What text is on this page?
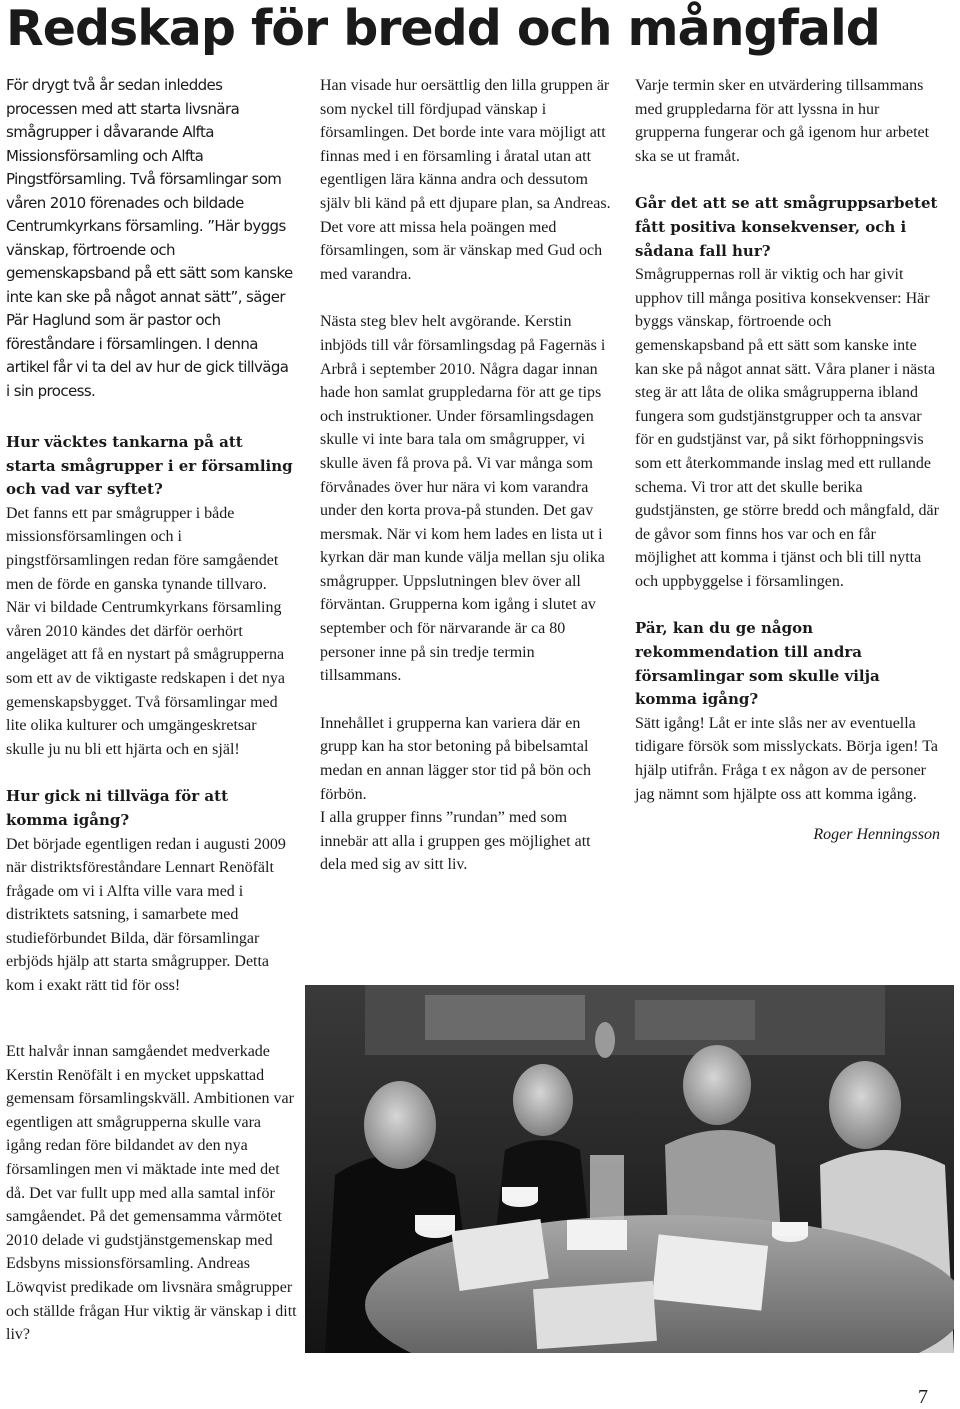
Redskap för bredd och mångfald

För drygt två år sedan inleddes processen med att starta livsnära smågrupper i dåvarande Alfta Missionsförsamling och Alfta Pingstförsamling. Två församlingar som våren 2010 förenades och bildade Centrumkyrkans församling. ”Här byggs vänskap, förtroende och gemenskapsband på ett sätt som kanske inte kan ske på något annat sätt”, säger Pär Haglund som är pastor och föreståndare i församlingen. I denna artikel får vi ta del av hur de gick tillväga i sin process.

Hur väcktes tankarna på att starta smågrupper i er församling och vad var syftet?

Det fanns ett par smågrupper i både missionsförsamlingen och i pingstförsamlingen redan före samgåendet men de förde en ganska tynande tillvaro. När vi bildade Centrumkyrkans församling våren 2010 kändes det därför oerhört angeläget att få en nystart på smågrupperna som ett av de viktigaste redskapen i det nya gemenskapsbygget. Två församlingar med lite olika kulturer och umgängeskretsar skulle ju nu bli ett hjärta och en själ!

Hur gick ni tillväga för att komma igång?

Det började egentligen redan i augusti 2009 när distriktsföreståndare Lennart Renöfält frågade om vi i Alfta ville vara med i distriktets satsning, i samarbete med studieförbundet Bilda, där församlingar erbjöds hjälp att starta smågrupper. Detta kom i exakt rätt tid för oss!

Ett halvår innan samgåendet medverkade Kerstin Renöfält i en mycket uppskattad gemensam församlingskväll. Ambitionen var egentligen att smågrupperna skulle vara igång redan före bildandet av den nya församlingen men vi mäktade inte med det då. Det var fullt upp med alla samtal inför samgåendet. På det gemensamma vårmötet 2010 delade vi gudstjänstgemenskap med Edsbyns missionsförsamling. Andreas Löwqvist predikade om livsnära smågrupper och ställde frågan Hur viktig är vänskap i ditt liv?

Han visade hur oersättlig den lilla gruppen är som nyckel till fördjupad vänskap i församlingen. Det borde inte vara möjligt att finnas med i en församling i åratal utan att egentligen lära känna andra och dessutom själv bli känd på ett djupare plan, sa Andreas. Det vore att missa hela poängen med församlingen, som är vänskap med Gud och med varandra.

Nästa steg blev helt avgörande. Kerstin inbjöds till vår församlingsdag på Fagernäs i Arbrå i september 2010. Några dagar innan hade hon samlat gruppledarna för att ge tips och instruktioner. Under församlingsdagen skulle vi inte bara tala om smågrupper, vi skulle även få prova på. Vi var många som förvånades över hur nära vi kom varandra under den korta prova-på stunden. Det gav mersmak. När vi kom hem lades en lista ut i kyrkan där man kunde välja mellan sju olika smågrupper. Uppslutningen blev över all förväntan. Grupperna kom igång i slutet av september och för närvarande är ca 80 personer inne på sin tredje termin tillsammans.

Innehållet i grupperna kan variera där en grupp kan ha stor betoning på bibelsamtal medan en annan lägger stor tid på bön och förbön.

I alla grupper finns ”rundan” med som innebär att alla i gruppen ges möjlighet att dela med sig av sitt liv.

Varje termin sker en utvärdering tillsammans med gruppledarna för att lyssna in hur grupperna fungerar och gå igenom hur arbetet ska se ut framåt.

Går det att se att smågruppsarbetet fått positiva konsekvenser, och i sådana fall hur?

Smågruppernas roll är viktig och har givit upphov till många positiva konsekvenser: Här byggs vänskap, förtroende och gemenskapsband på ett sätt som kanske inte kan ske på något annat sätt. Våra planer i nästa steg är att låta de olika smågrupperna ibland fungera som gudstjänstgrupper och ta ansvar för en gudstjänst var, på sikt förhoppningsvis som ett återkommande inslag med ett rullande schema. Vi tror att det skulle berika gudstjänsten, ge större bredd och mångfald, där de gåvor som finns hos var och en får möjlighet att komma i tjänst och bli till nytta och uppbyggelse i församlingen.

Pär, kan du ge någon rekommendation till andra församlingar som skulle vilja komma igång?

Sätt igång! Låt er inte slås ner av eventuella tidigare försök som misslyckats. Börja igen! Ta hjälp utifrån. Fråga t ex någon av de personer jag nämnt som hjälpte oss att komma igång.

Roger Henningsson

7
